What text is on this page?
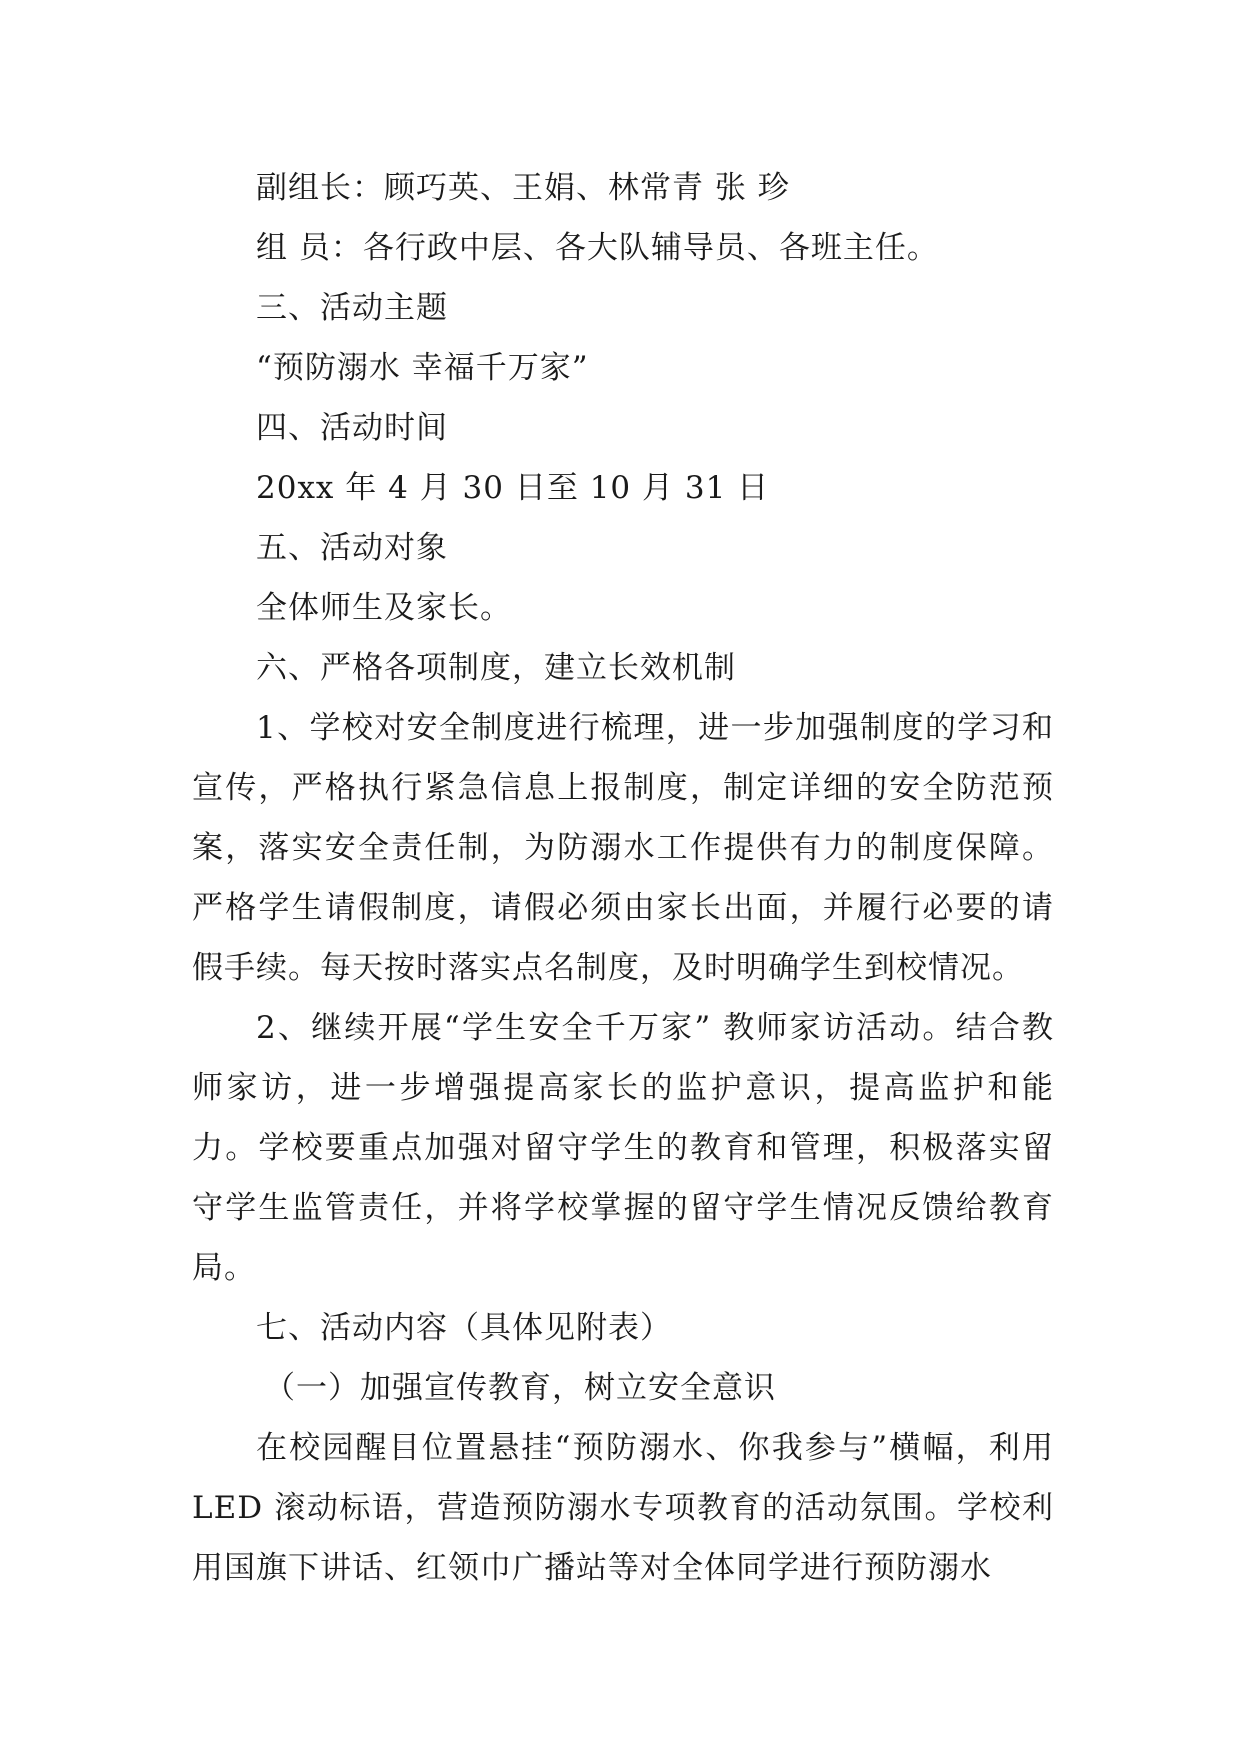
副组长：顾巧英、王娟、林常青 张 珍

组 员：各行政中层、各大队辅导员、各班主任。

三、活动主题

“预防溺水 幸福千万家”

四、活动时间

20xx 年 4 月 30 日至 10 月 31 日

五、活动对象

全体师生及家长。

六、严格各项制度，建立长效机制

1、学校对安全制度进行梳理，进一步加强制度的学习和宣传，严格执行紧急信息上报制度，制定详细的安全防范预案，落实安全责任制，为防溺水工作提供有力的制度保障。严格学生请假制度，请假必须由家长出面，并履行必要的请假手续。每天按时落实点名制度，及时明确学生到校情况。

2、继续开展“学生安全千万家” 教师家访活动。结合教师家访，进一步增强提高家长的监护意识，提高监护和能力。学校要重点加强对留守学生的教育和管理，积极落实留守学生监管责任，并将学校掌握的留守学生情况反馈给教育局。

七、活动内容（具体见附表）

（一）加强宣传教育，树立安全意识

在校园醒目位置悬挂“预防溺水、你我参与”横幅，利用 LED 滚动标语，营造预防溺水专项教育的活动氛围。学校利用国旗下讲话、红领巾广播站等对全体同学进行预防溺水
